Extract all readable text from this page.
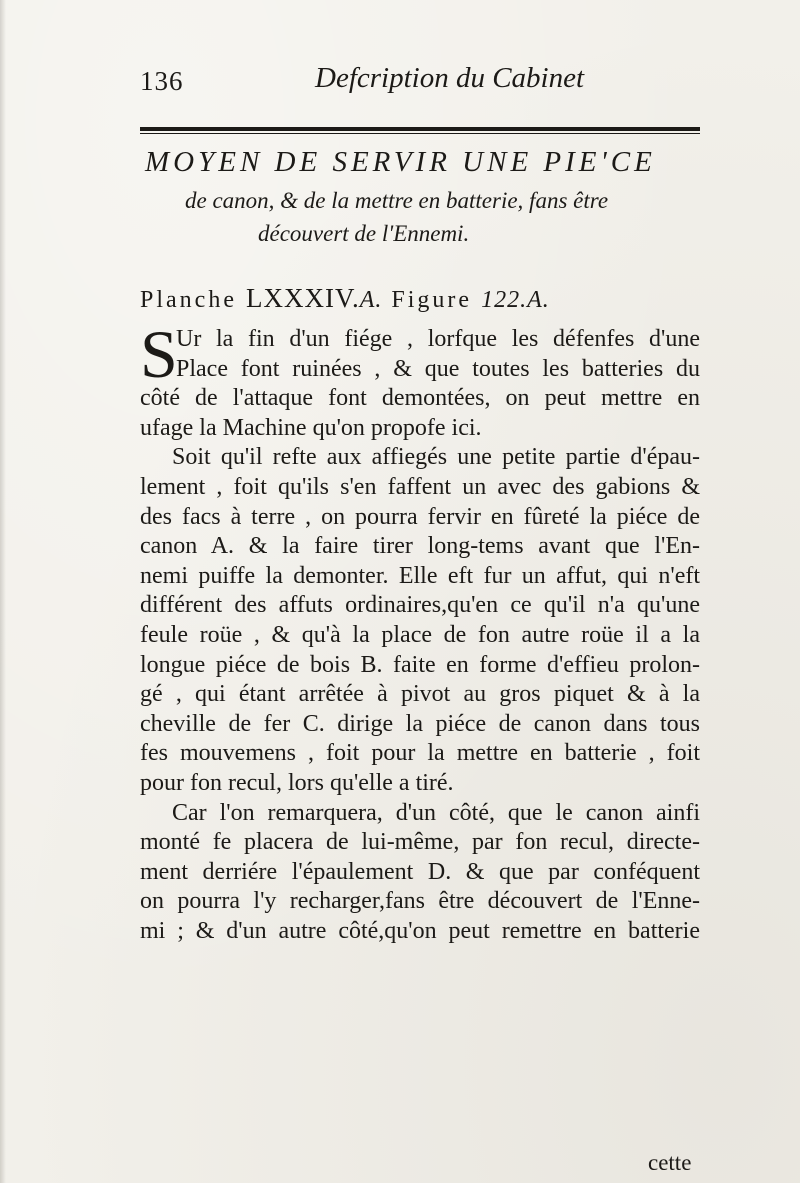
136	Defcription du Cabinet
MOYEN DE SERVIR UNE PIE'CE
de canon, & de la mettre en batterie, fans être
découvert de l'Ennemi.
Planche LXXXIV.A. Figure 122.A.
S
Ur la fin d'un fiége , lorfque les défenfes d'une
Place font ruinées , & que toutes les batteries du
côté de l'attaque font demontées, on peut mettre en
ufage la Machine qu'on propofe ici.
Soit qu'il refte aux affiegés une petite partie d'épau-
lement , foit qu'ils s'en faffent un avec des gabions &
des facs à terre , on pourra fervir en fûreté la piéce de
canon A. & la faire tirer long-tems avant que l'En-
nemi puiffe la demonter. Elle eft fur un affut, qui n'eft
différent des affuts ordinaires,qu'en ce qu'il n'a qu'une
feule roüe , & qu'à la place de fon autre roüe il a la
longue piéce de bois B. faite en forme d'effieu prolon-
gé , qui étant arrêtée à pivot au gros piquet & à la
cheville de fer C. dirige la piéce de canon dans tous
fes mouvemens , foit pour la mettre en batterie , foit
pour fon recul, lors qu'elle a tiré.
Car l'on remarquera, d'un côté, que le canon ainfi
monté fe placera de lui-même, par fon recul, directe-
ment derriére l'épaulement D. & que par conféquent
on pourra l'y recharger,fans être découvert de l'Enne-
mi ; & d'un autre côté,qu'on peut remettre en batterie
cette
